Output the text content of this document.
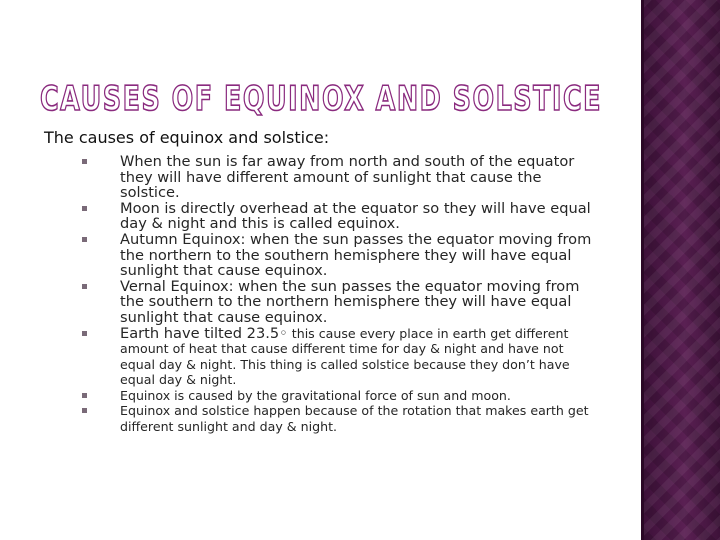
CAUSES OF EQUINOX AND SOLSTICE

The causes of equinox and solstice:

When the sun is far away from north and south of the equator they will have different amount of sunlight that cause the solstice.
Moon is directly overhead at the equator so they will have equal day & night and this is called equinox.
Autumn Equinox: when the sun passes the equator moving from the northern to the southern hemisphere they will have equal sunlight that cause equinox.
Vernal Equinox: when the sun passes the equator moving from the southern to the northern hemisphere they will have equal sunlight that cause equinox.
Earth have tilted 23.5◦ this cause every place in earth get different amount of heat that cause different time for day & night and have not equal day & night. This thing is called solstice because they don’t have equal day & night.
Equinox is caused by the gravitational force of sun and moon.
Equinox and solstice happen because of the rotation that makes earth get different sunlight and day & night.
